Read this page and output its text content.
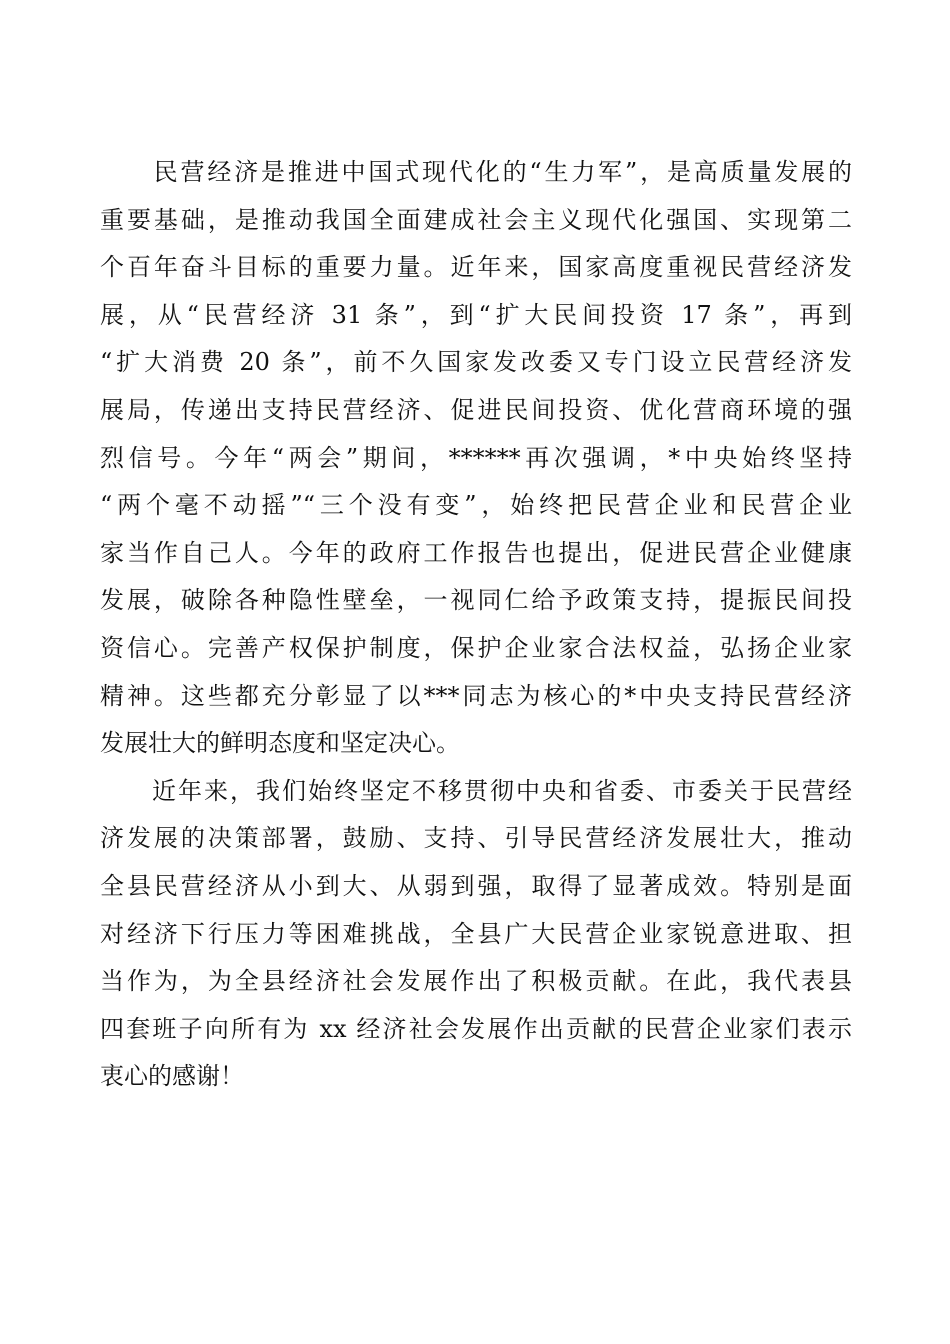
　　民营经济是推进中国式现代化的“生力军”，是高质量发展的
重要基础，是推动我国全面建成社会主义现代化强国、实现第二
个百年奋斗目标的重要力量。近年来，国家高度重视民营经济发
展，从“民营经济 31 条”，到“扩大民间投资 17 条”，再到
“扩大消费 20 条”，前不久国家发改委又专门设立民营经济发
展局，传递出支持民营经济、促进民间投资、优化营商环境的强
烈信号。今年“两会”期间，******再次强调，*中央始终坚持
“两个毫不动摇”“三个没有变”，始终把民营企业和民营企业
家当作自己人。今年的政府工作报告也提出，促进民营企业健康
发展，破除各种隐性壁垒，一视同仁给予政策支持，提振民间投
资信心。完善产权保护制度，保护企业家合法权益，弘扬企业家
精神。这些都充分彰显了以***同志为核心的*中央支持民营经济
发展壮大的鲜明态度和坚定决心。
　　近年来，我们始终坚定不移贯彻中央和省委、市委关于民营经
济发展的决策部署，鼓励、支持、引导民营经济发展壮大，推动
全县民营经济从小到大、从弱到强，取得了显著成效。特别是面
对经济下行压力等困难挑战，全县广大民营企业家锐意进取、担
当作为，为全县经济社会发展作出了积极贡献。在此，我代表县
四套班子向所有为 xx 经济社会发展作出贡献的民营企业家们表示
衷心的感谢！
